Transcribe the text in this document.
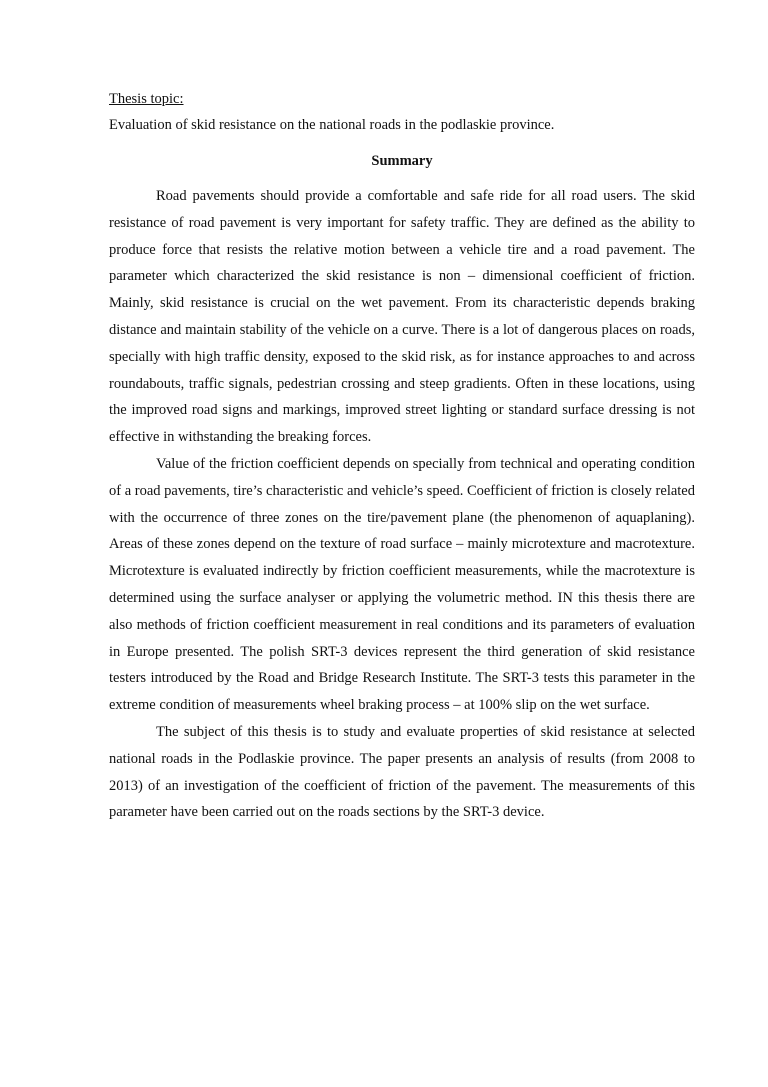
Thesis topic:

Evaluation of skid resistance on the national roads in the podlaskie province.

Summary

Road pavements should provide a comfortable and safe ride for all road users. The skid resistance of road pavement is very important for safety traffic. They are defined as the ability to produce force that resists the relative motion between a vehicle tire and a road pavement. The parameter which characterized the skid resistance is non – dimensional coefficient of friction. Mainly, skid resistance is crucial on the wet pavement. From its characteristic depends braking distance and maintain stability of the vehicle on a curve. There is a lot of dangerous places on roads, specially with high traffic density, exposed to the skid risk, as for instance approaches to and across roundabouts, traffic signals, pedestrian crossing and steep gradients. Often in these locations, using the improved road signs and markings, improved street lighting or standard surface dressing is not effective in withstanding the breaking forces.

Value of the friction coefficient depends on specially from technical and operating condition of a road pavements, tire’s characteristic and vehicle’s speed. Coefficient of friction is closely related with the occurrence of three zones on the tire/pavement plane (the phenomenon of aquaplaning). Areas of these zones depend on the texture of road surface – mainly microtexture and macrotexture. Microtexture is evaluated indirectly by friction coefficient measurements, while the macrotexture is determined using the surface analyser or applying the volumetric method. IN this thesis there are also methods of friction coefficient measurement in real conditions and its parameters of evaluation in Europe presented. The polish SRT-3 devices represent the third generation of skid resistance testers introduced by the Road and Bridge Research Institute. The SRT-3 tests this parameter in the extreme condition of measurements wheel braking process – at 100% slip on the wet surface.

The subject of this thesis is to study and evaluate properties of skid resistance at selected national roads in the Podlaskie province. The paper presents an analysis of results (from 2008 to 2013) of an investigation of the coefficient of friction of the pavement. The measurements of this parameter have been carried out on the roads sections by the SRT-3 device.
